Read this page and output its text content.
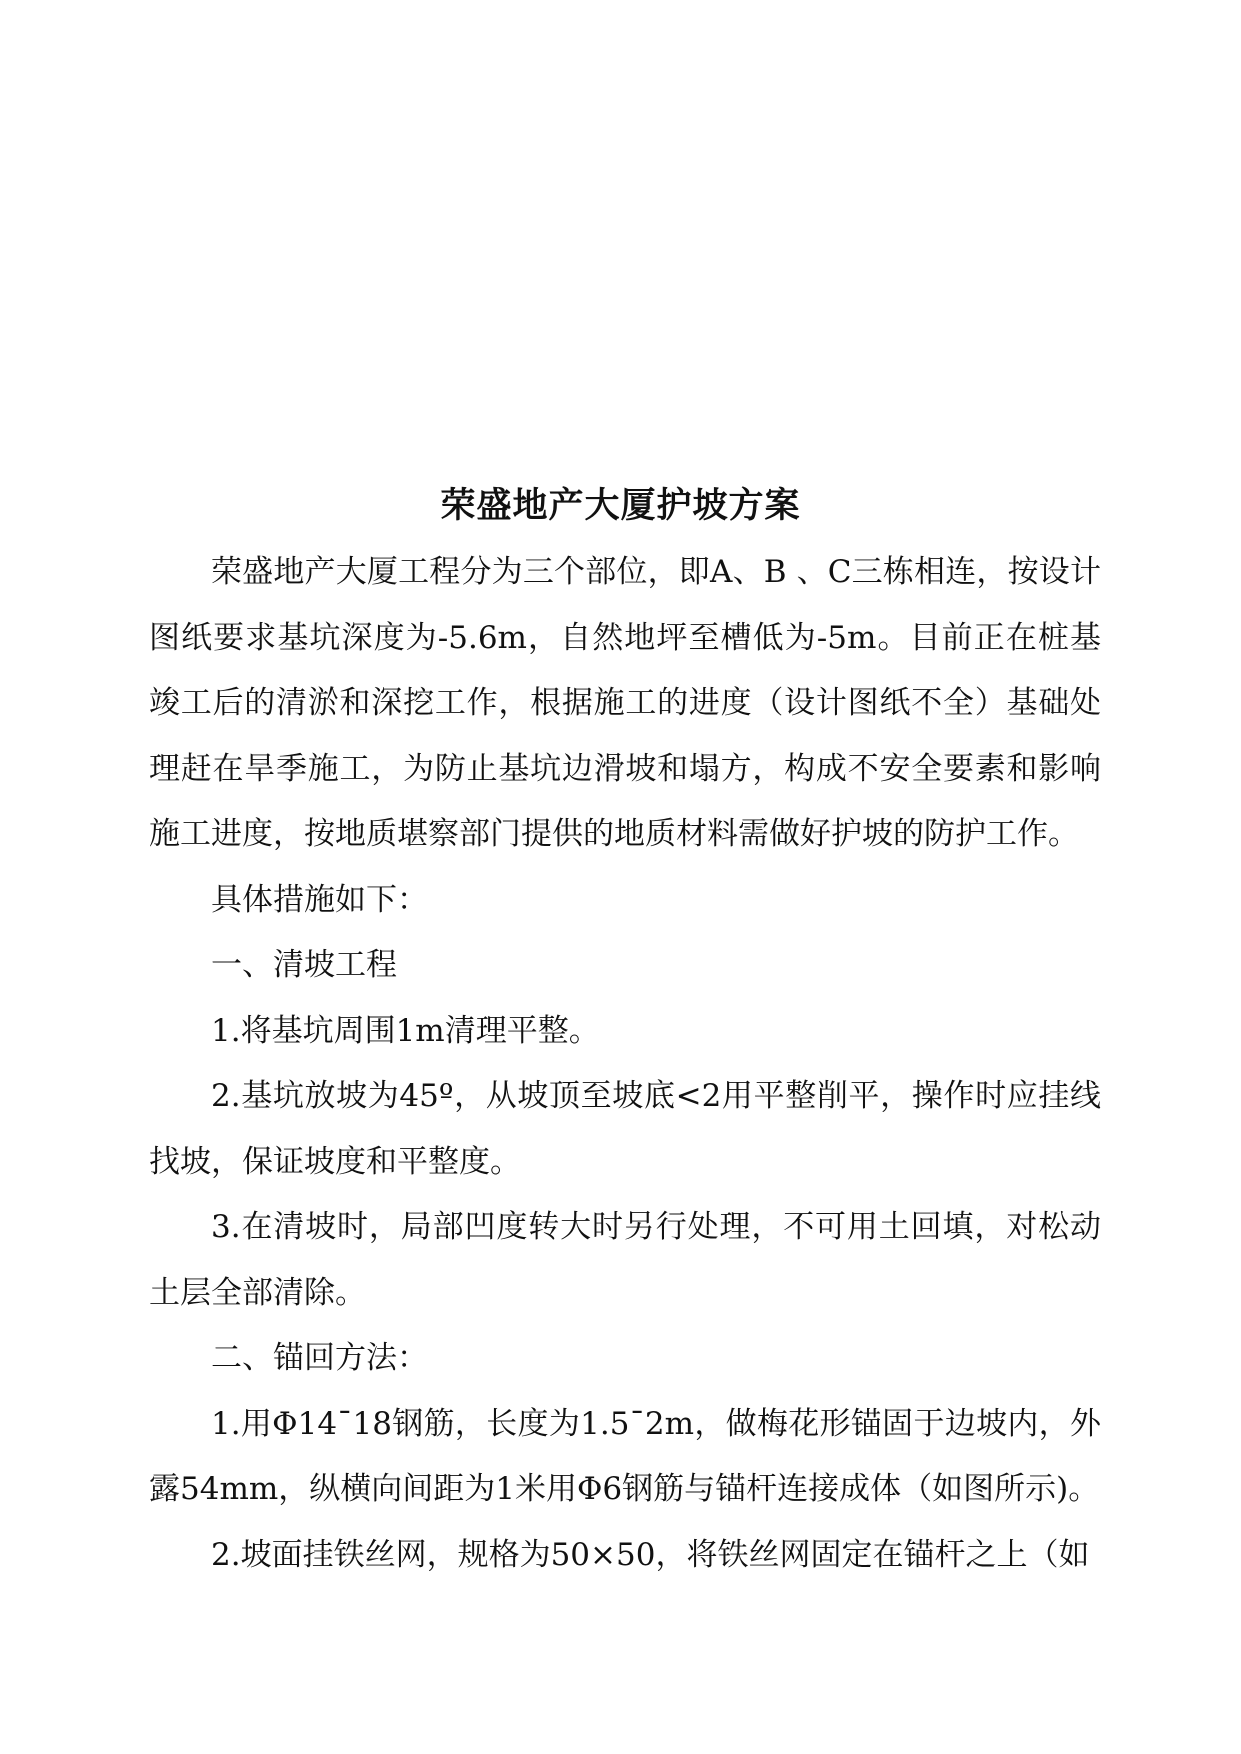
荣盛地产大厦护坡方案

荣盛地产大厦工程分为三个部位，即A、B 、C三栋相连，按设计图纸要求基坑深度为-5.6m，自然地坪至槽低为-5m。目前正在桩基竣工后的清淤和深挖工作，根据施工的进度（设计图纸不全）基础处理赶在旱季施工，为防止基坑边滑坡和塌方，构成不安全要素和影响施工进度，按地质堪察部门提供的地质材料需做好护坡的防护工作。

具体措施如下：

一、清坡工程

1.将基坑周围1m清理平整。

2.基坑放坡为45º，从坡顶至坡底<2用平整削平，操作时应挂线找坡，保证坡度和平整度。

3.在清坡时，局部凹度转大时另行处理，不可用土回填，对松动土层全部清除。

二、锚回方法：

1.用Φ14¯18钢筋，长度为1.5¯2m，做梅花形锚固于边坡内，外露54mm，纵横向间距为1米用Φ6钢筋与锚杆连接成体（如图所示)。

2.坡面挂铁丝网，规格为50×50，将铁丝网固定在锚杆之上（如
